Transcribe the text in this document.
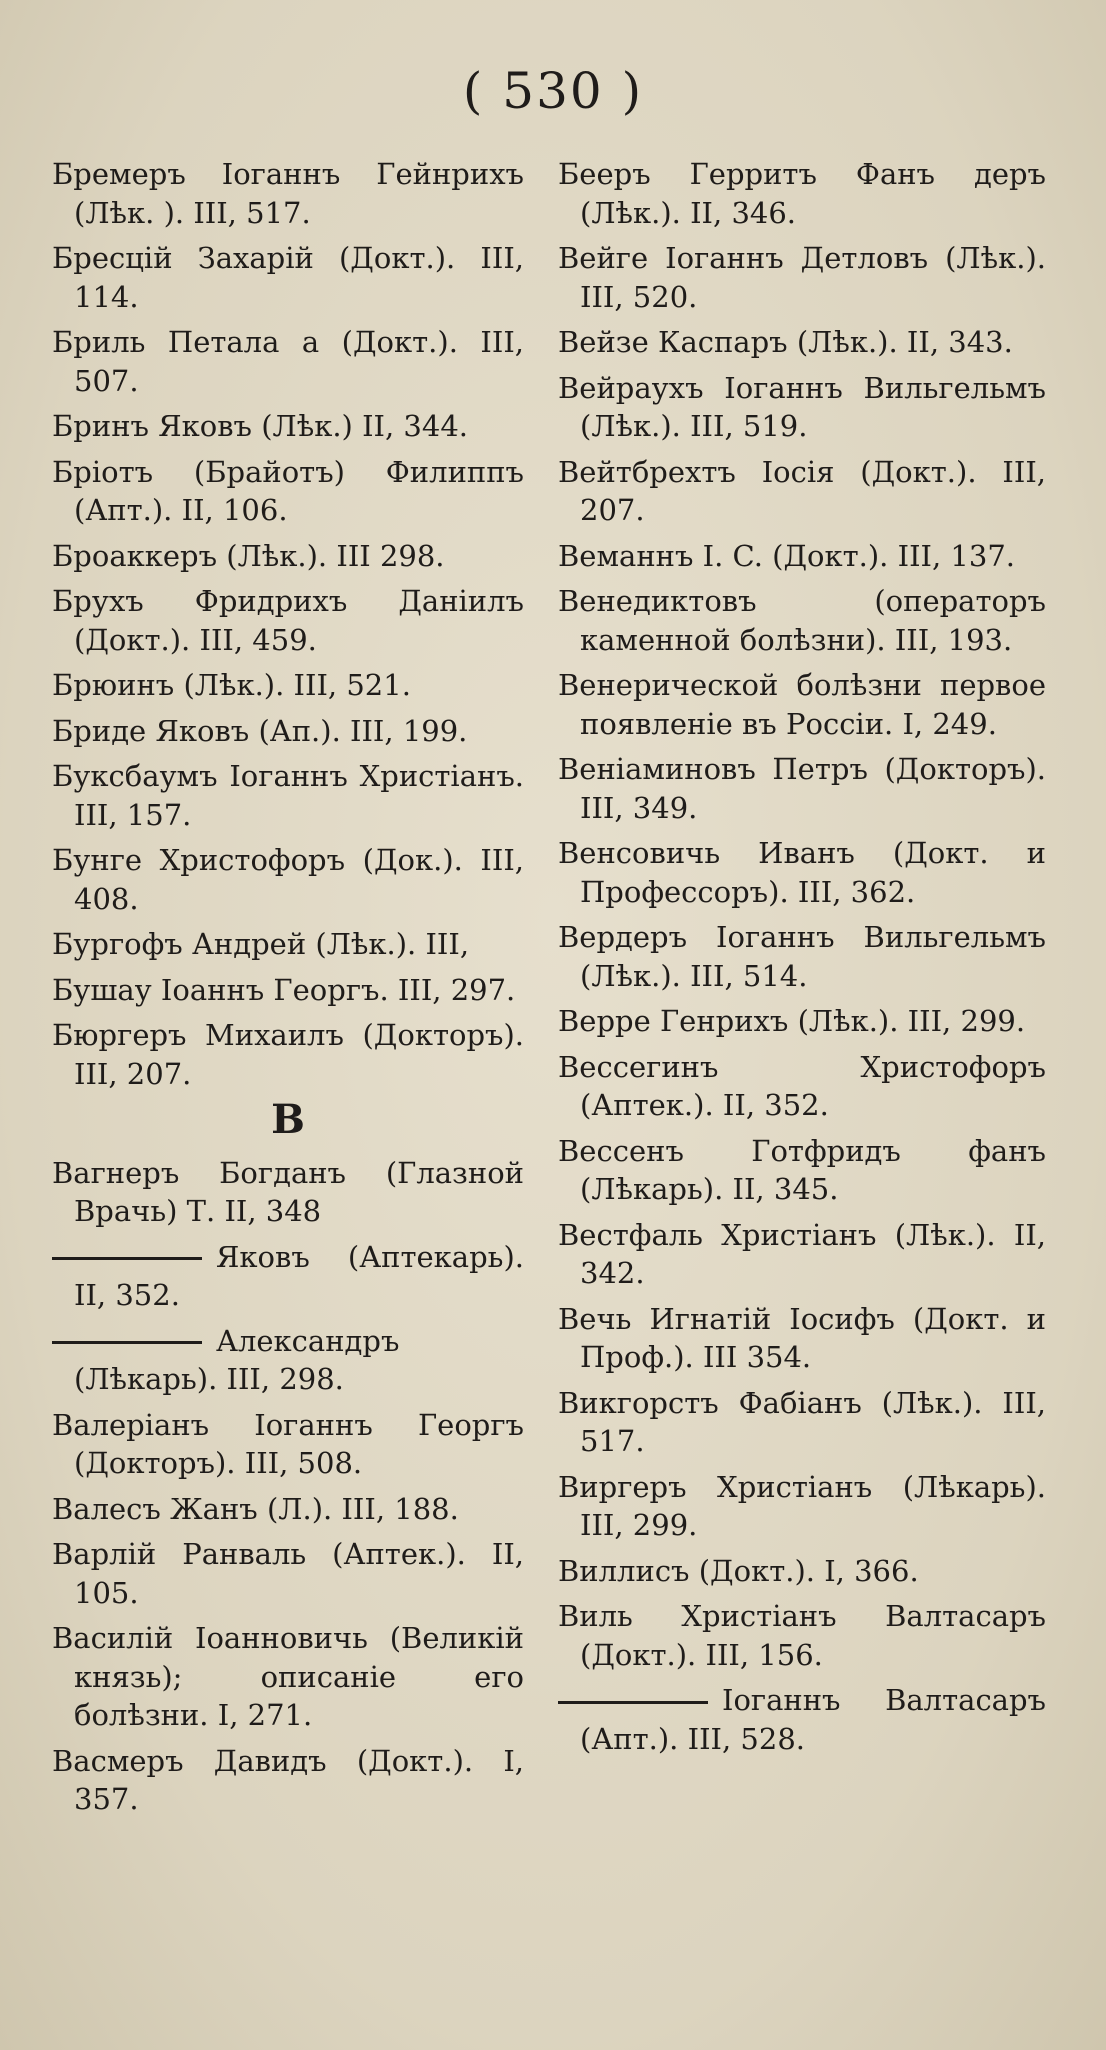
( 530 )

Бремеръ Іоганнъ Гейнрихъ (Лѣк. ). III, 517.

Бресцій Захарій (Докт.). III, 114.

Бриль Петала а (Докт.). III, 507.

Бринъ Яковъ (Лѣк.) II, 344.

Бріотъ (Брайотъ) Филиппъ (Апт.). II, 106.

Броаккеръ (Лѣк.). III 298.

Брухъ Фридрихъ Даніилъ (Докт.). III, 459.

Брюинъ (Лѣк.). III, 521.

Бриде Яковъ (Ап.). III, 199.

Буксбаумъ Іоганнъ Христіанъ. III, 157.

Бунге Христофоръ (Док.). III, 408.

Бургофъ Андрей (Лѣк.). III,

Бушау Іоаннъ Георгъ. III, 297.

Бюргеръ Михаилъ (Докторъ). III, 207.

В

Вагнеръ Богданъ (Глазной Врачь) Т. II, 348

Яковъ (Аптекарь). II, 352.

Александръ (Лѣкарь). III, 298.

Валеріанъ Іоганнъ Георгъ (Докторъ). III, 508.

Валесъ Жанъ (Л.). III, 188.

Варлій Ранваль (Аптек.). II, 105.

Василій Іоанновичь (Великій князь); описаніе его болѣзни. I, 271.

Васмеръ Давидъ (Докт.). I, 357.

Бееръ Герритъ Фанъ деръ (Лѣк.). II, 346.

Вейге Іоганнъ Детловъ (Лѣк.). III, 520.

Вейзе Каспаръ (Лѣк.). II, 343.

Вейраухъ Іоганнъ Вильгельмъ (Лѣк.). III, 519.

Вейтбрехтъ Іосія (Докт.). III, 207.

Веманнъ I. C. (Докт.). III, 137.

Венедиктовъ (операторъ каменной болѣзни). III, 193.

Венерической болѣзни первое появленіе въ Россіи. I, 249.

Веніаминовъ Петръ (Докторъ). III, 349.

Венсовичь Иванъ (Докт. и Профессоръ). III, 362.

Вердеръ Іоганнъ Вильгельмъ (Лѣк.). III, 514.

Верре Генрихъ (Лѣк.). III, 299.

Вессегинъ Христофоръ (Аптек.). II, 352.

Вессенъ Готфридъ фанъ (Лѣкарь). II, 345.

Вестфаль Христіанъ (Лѣк.). II, 342.

Вечь Игнатій Іосифъ (Докт. и Проф.). III 354.

Викгорстъ Фабіанъ (Лѣк.). III, 517.

Виргеръ Христіанъ (Лѣкарь). III, 299.

Виллисъ (Докт.). I, 366.

Виль Христіанъ Валтасаръ (Докт.). III, 156.

Іоганнъ Валтасаръ (Апт.). III, 528.
